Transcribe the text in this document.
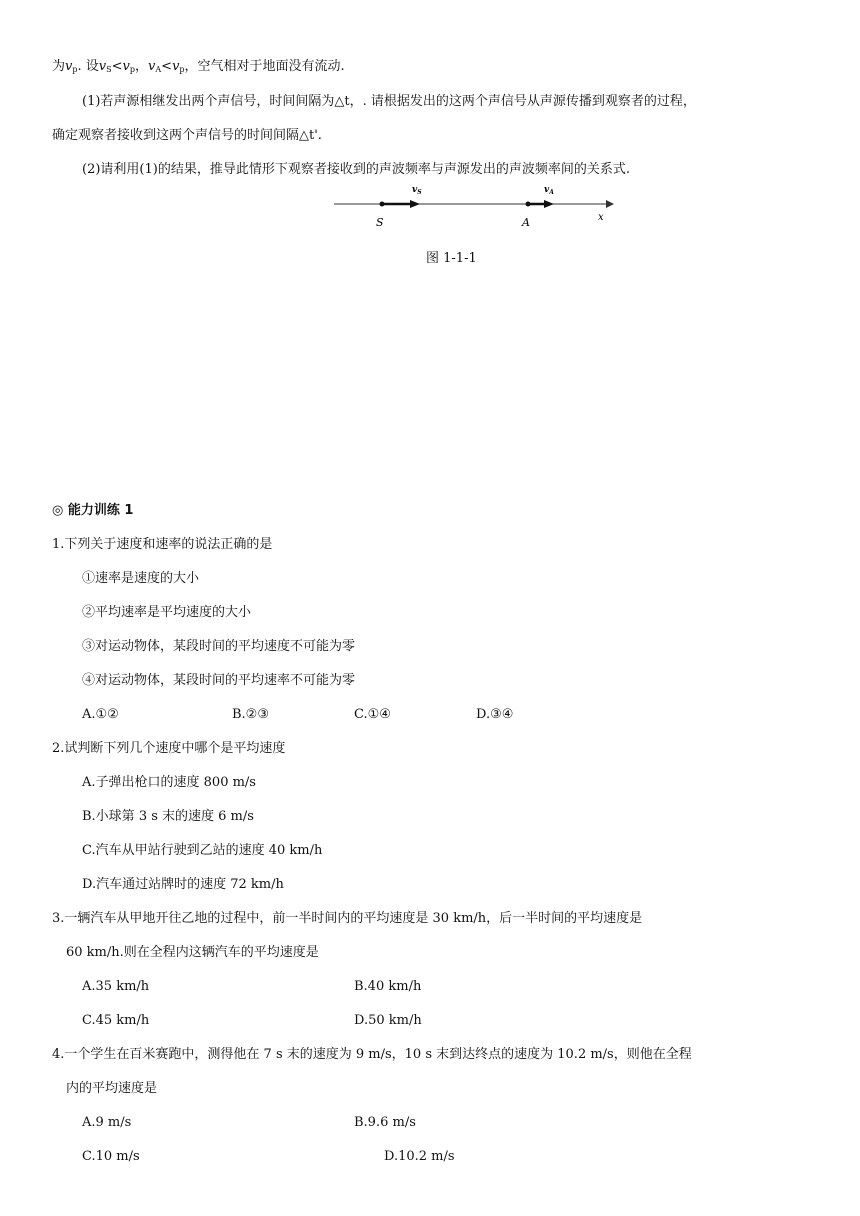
为$v_p$. 设$v_S<v_p$，$v_A<v_p$，空气相对于地面没有流动.
(1)若声源相继发出两个声信号，时间间隔为△t，. 请根据发出的这两个声信号从声源传播到观察者的过程，
确定观察者接收到这两个声信号的时间间隔△t'.
(2)请利用(1)的结果，推导此情形下观察者接收到的声波频率与声源发出的声波频率间的关系式.
$v_S$	$v_A$
S	A	x
图 1-1-1
◎ 能力训练 1
1.下列关于速度和速率的说法正确的是
①速率是速度的大小
②平均速率是平均速度的大小
③对运动物体，某段时间的平均速度不可能为零
④对运动物体，某段时间的平均速率不可能为零
A.①②	B.②③	C.①④	D.③④
2.试判断下列几个速度中哪个是平均速度
A.子弹出枪口的速度 800 m/s
B.小球第 3 s 末的速度 6 m/s
C.汽车从甲站行驶到乙站的速度 40 km/h
D.汽车通过站牌时的速度 72 km/h
3.一辆汽车从甲地开往乙地的过程中，前一半时间内的平均速度是 30 km/h，后一半时间的平均速度是
60 km/h.则在全程内这辆汽车的平均速度是
A.35 km/h	B.40 km/h
C.45 km/h	D.50 km/h
4.一个学生在百米赛跑中，测得他在 7 s 末的速度为 9 m/s，10 s 末到达终点的速度为 10.2 m/s，则他在全程
内的平均速度是
A.9 m/s	B.9.6 m/s
C.10 m/s	D.10.2 m/s
